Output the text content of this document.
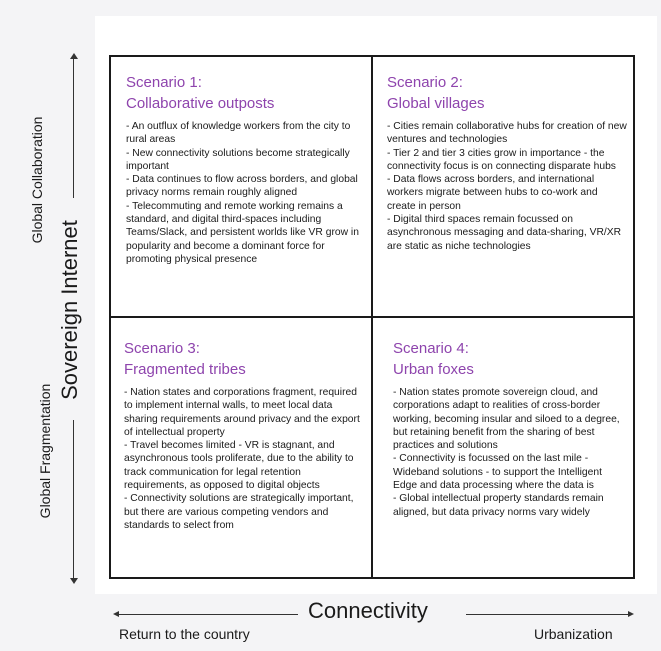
Scenario 1:
Collaborative outposts
- An outflux of knowledge workers from the city to rural areas
- New connectivity solutions become strategically important
- Data continues to flow across borders, and global privacy norms remain roughly aligned
- Telecommuting and remote working remains a standard, and digital third-spaces including Teams/Slack, and persistent worlds like VR grow in popularity and become a dominant force for promoting physical presence
Scenario 2:
Global villages
- Cities remain collaborative hubs for creation of new ventures and technologies
- Tier 2 and tier 3 cities grow in importance - the connectivity focus is on connecting disparate hubs
- Data flows across borders, and international workers migrate between hubs to co-work and create in person
- Digital third spaces remain focussed on asynchronous messaging and data-sharing, VR/XR are static as niche technologies
Scenario 3:
Fragmented tribes
- Nation states and corporations fragment, required to implement internal walls, to meet local data sharing requirements around privacy and the export of intellectual property
- Travel becomes limited - VR is stagnant, and asynchronous tools proliferate, due to the ability to track communication for legal retention requirements, as opposed to digital objects
- Connectivity solutions are strategically important, but there are various competing vendors and standards to select from
Scenario 4:
Urban foxes
- Nation states promote sovereign cloud, and corporations adapt to realities of cross-border working, becoming insular and siloed to a degree, but retaining benefit from the sharing of best practices and solutions
- Connectivity is focussed on the last mile - Wideband solutions - to support the Intelligent Edge and data processing where the data is
- Global intellectual property standards remain aligned, but data privacy norms vary widely
Global Collaboration
Global Fragmentation
Sovereign Internet
Connectivity
Return to the country	Urbanization
